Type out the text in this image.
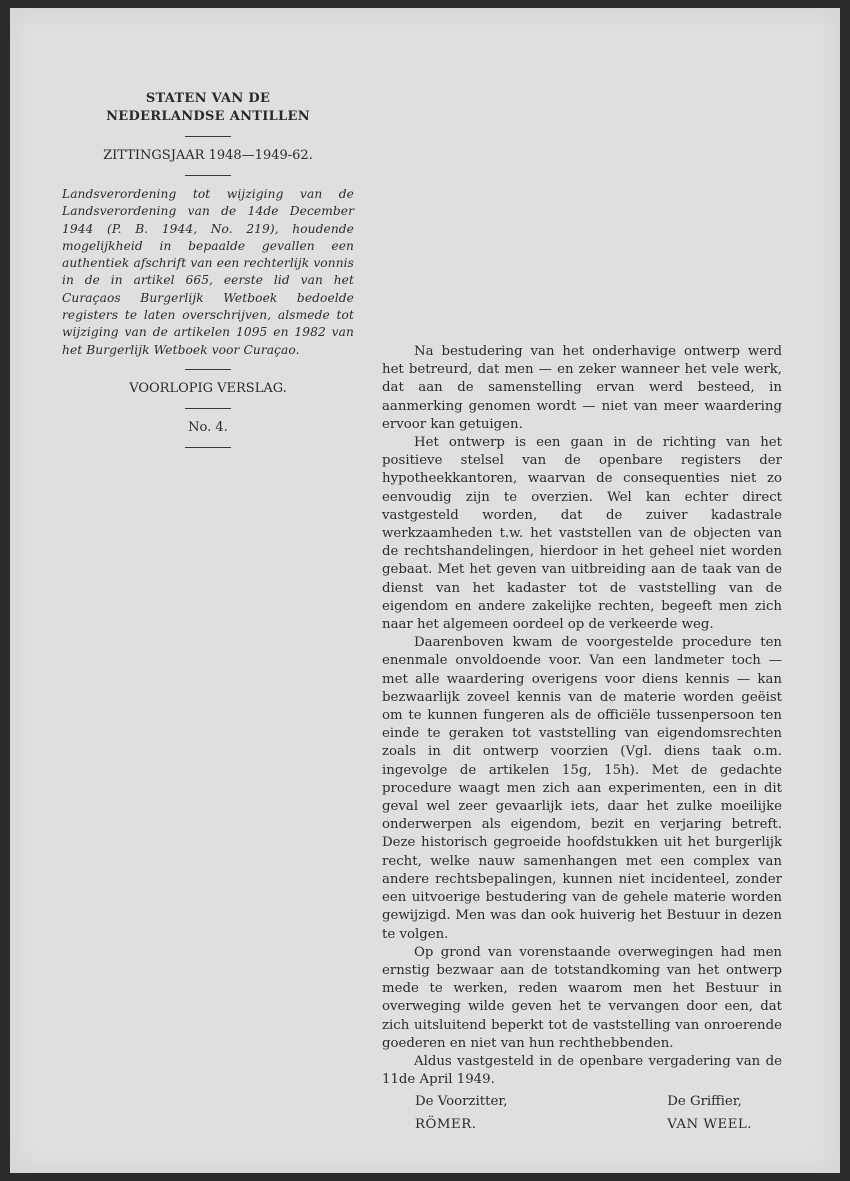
STATEN VAN DE

NEDERLANDSE ANTILLEN

ZITTINGSJAAR 1948—1949-62.

Landsverordening tot wijziging van de Landsverordening van de 14de December 1944 (P. B. 1944, No. 219), houdende mogelijkheid in bepaalde gevallen een authentiek afschrift van een rechterlijk vonnis in de in artikel 665, eerste lid van het Curaçaos Burgerlijk Wetboek bedoelde registers te laten overschrijven, alsmede tot wijziging van de artikelen 1095 en 1982 van het Burgerlijk Wetboek voor Curaçao.

VOORLOPIG VERSLAG.

No. 4.

Na bestudering van het onderhavige ontwerp werd het betreurd, dat men — en zeker wanneer het vele werk, dat aan de samenstelling ervan werd besteed, in aanmerking genomen wordt — niet van meer waardering ervoor kan getuigen.

Het ontwerp is een gaan in de richting van het positieve stelsel van de openbare registers der hypotheekkantoren, waarvan de consequenties niet zo eenvoudig zijn te overzien. Wel kan echter direct vastgesteld worden, dat de zuiver kadastrale werkzaamheden t.w. het vaststellen van de objecten van de rechtshandelingen, hierdoor in het geheel niet worden gebaat. Met het geven van uitbreiding aan de taak van de dienst van het kadaster tot de vaststelling van de eigendom en andere zakelijke rechten, begeeft men zich naar het algemeen oordeel op de verkeerde weg.

Daarenboven kwam de voorgestelde procedure ten enenmale onvoldoende voor. Van een landmeter toch — met alle waardering overigens voor diens kennis — kan bezwaarlijk zoveel kennis van de materie worden geëist om te kunnen fungeren als de officiële tussenpersoon ten einde te geraken tot vaststelling van eigendomsrechten zoals in dit ontwerp voorzien (Vgl. diens taak o.m. ingevolge de artikelen 15g, 15h). Met de gedachte procedure waagt men zich aan experimenten, een in dit geval wel zeer gevaarlijk iets, daar het zulke moeilijke onderwerpen als eigendom, bezit en verjaring betreft. Deze historisch gegroeide hoofdstukken uit het burgerlijk recht, welke nauw samenhangen met een complex van andere rechtsbepalingen, kunnen niet incidenteel, zonder een uitvoerige bestudering van de gehele materie worden gewijzigd. Men was dan ook huiverig het Bestuur in dezen te volgen.

Op grond van vorenstaande overwegingen had men ernstig bezwaar aan de totstandkoming van het ontwerp mede te werken, reden waarom men het Bestuur in overweging wilde geven het te vervangen door een, dat zich uitsluitend beperkt tot de vaststelling van onroerende goederen en niet van hun rechthebbenden.

Aldus vastgesteld in de openbare vergadering van de 11de April 1949.

De Voorzitter,
RÖMER.
De Griffier,
VAN WEEL.
